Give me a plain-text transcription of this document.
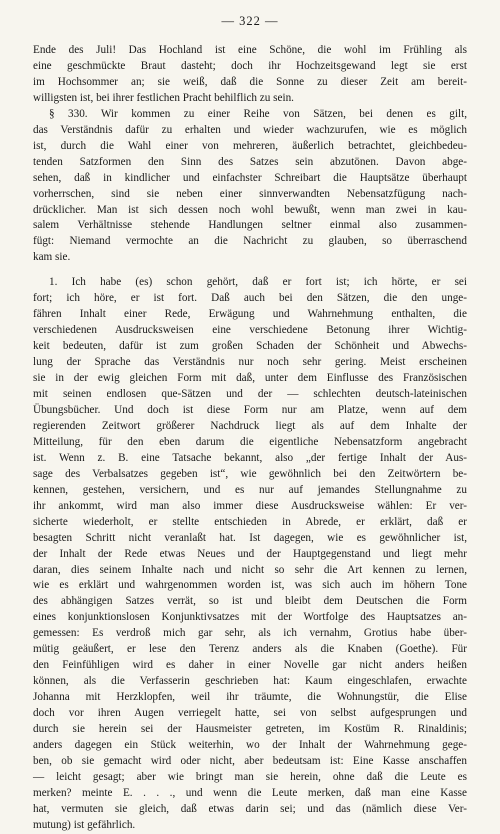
— 322 —
Ende des Juli! Das Hochland ist eine Schöne, die wohl im Frühling als
eine geschmückte Braut dasteht; doch ihr Hochzeitsgewand legt sie erst
im Hochsommer an; sie weiß, daß die Sonne zu dieser Zeit am bereit-
willigsten ist, bei ihrer festlichen Pracht behilflich zu sein.
§ 330. Wir kommen zu einer Reihe von Sätzen, bei denen es gilt,
das Verständnis dafür zu erhalten und wieder wachzurufen, wie es möglich
ist, durch die Wahl einer von mehreren, äußerlich betrachtet, gleichbedeu-
tenden Satzformen den Sinn des Satzes sein abzutönen. Davon abge-
sehen, daß in kindlicher und einfachster Schreibart die Hauptsätze überhaupt
vorherrschen, sind sie neben einer sinnverwandten Nebensatzfügung nach-
drücklicher. Man ist sich dessen noch wohl bewußt, wenn man zwei in kau-
salem Verhältnisse stehende Handlungen seltner einmal also zusammen-
fügt: Niemand vermochte an die Nachricht zu glauben, so überraschend
kam sie.
1. Ich habe (es) schon gehört, daß er fort ist; ich hörte, er sei
fort; ich höre, er ist fort. Daß auch bei den Sätzen, die den unge-
fähren Inhalt einer Rede, Erwägung und Wahrnehmung enthalten, die
verschiedenen Ausdrucksweisen eine verschiedene Betonung ihrer Wichtig-
keit bedeuten, dafür ist zum großen Schaden der Schönheit und Abwechs-
lung der Sprache das Verständnis nur noch sehr gering. Meist erscheinen
sie in der ewig gleichen Form mit daß, unter dem Einflusse des Französischen
mit seinen endlosen que-Sätzen und der — schlechten deutsch-lateinischen
Übungsbücher. Und doch ist diese Form nur am Platze, wenn auf dem
regierenden Zeitwort größerer Nachdruck liegt als auf dem Inhalte der
Mitteilung, für den eben darum die eigentliche Nebensatzform angebracht
ist. Wenn z. B. eine Tatsache bekannt, also „der fertige Inhalt der Aus-
sage des Verbalsatzes gegeben ist“, wie gewöhnlich bei den Zeitwörtern be-
kennen, gestehen, versichern, und es nur auf jemandes Stellungnahme zu
ihr ankommt, wird man also immer diese Ausdrucksweise wählen: Er ver-
sicherte wiederholt, er stellte entschieden in Abrede, er erklärt, daß er
besagten Schritt nicht veranlaßt hat. Ist dagegen, wie es gewöhnlicher ist,
der Inhalt der Rede etwas Neues und der Hauptgegenstand und liegt mehr
daran, dies seinem Inhalte nach und nicht so sehr die Art kennen zu lernen,
wie es erklärt und wahrgenommen worden ist, was sich auch im höhern Tone
des abhängigen Satzes verrät, so ist und bleibt dem Deutschen die Form
eines konjunktionslosen Konjunktivsatzes mit der Wortfolge des Hauptsatzes an-
gemessen: Es verdroß mich gar sehr, als ich vernahm, Grotius habe über-
mütig geäußert, er lese den Terenz anders als die Knaben (Goethe). Für
den Feinfühligen wird es daher in einer Novelle gar nicht anders heißen
können, als die Verfasserin geschrieben hat: Kaum eingeschlafen, erwachte
Johanna mit Herzklopfen, weil ihr träumte, die Wohnungstür, die Elise
doch vor ihren Augen verriegelt hatte, sei von selbst aufgesprungen und
durch sie herein sei der Hausmeister getreten, im Kostüm R. Rinaldinis;
anders dagegen ein Stück weiterhin, wo der Inhalt der Wahrnehmung gege-
ben, ob sie gemacht wird oder nicht, aber bedeutsam ist: Eine Kasse anschaffen
— leicht gesagt; aber wie bringt man sie herein, ohne daß die Leute es
merken? meinte E. . . ., und wenn die Leute merken, daß man eine Kasse
hat, vermuten sie gleich, daß etwas darin sei; und das (nämlich diese Ver-
mutung) ist gefährlich.
